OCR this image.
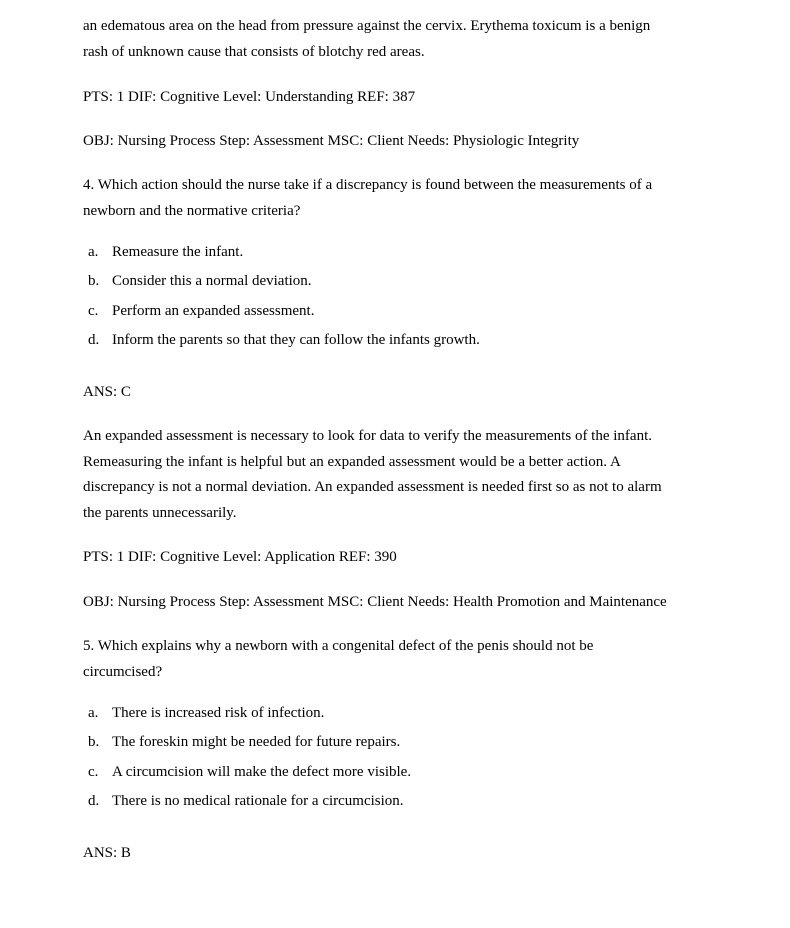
an edematous area on the head from pressure against the cervix. Erythema toxicum is a benign

rash of unknown cause that consists of blotchy red areas.

PTS: 1 DIF: Cognitive Level: Understanding REF: 387

OBJ: Nursing Process Step: Assessment MSC: Client Needs: Physiologic Integrity

4. Which action should the nurse take if a discrepancy is found between the measurements of a

newborn and the normative criteria?

a. Remeasure the infant.
b. Consider this a normal deviation.
c. Perform an expanded assessment.
d. Inform the parents so that they can follow the infants growth.

ANS: C

An expanded assessment is necessary to look for data to verify the measurements of the infant.

Remeasuring the infant is helpful but an expanded assessment would be a better action. A

discrepancy is not a normal deviation. An expanded assessment is needed first so as not to alarm

the parents unnecessarily.

PTS: 1 DIF: Cognitive Level: Application REF: 390

OBJ: Nursing Process Step: Assessment MSC: Client Needs: Health Promotion and Maintenance

5. Which explains why a newborn with a congenital defect of the penis should not be

circumcised?

a. There is increased risk of infection.
b. The foreskin might be needed for future repairs.
c. A circumcision will make the defect more visible.
d. There is no medical rationale for a circumcision.

ANS: B
